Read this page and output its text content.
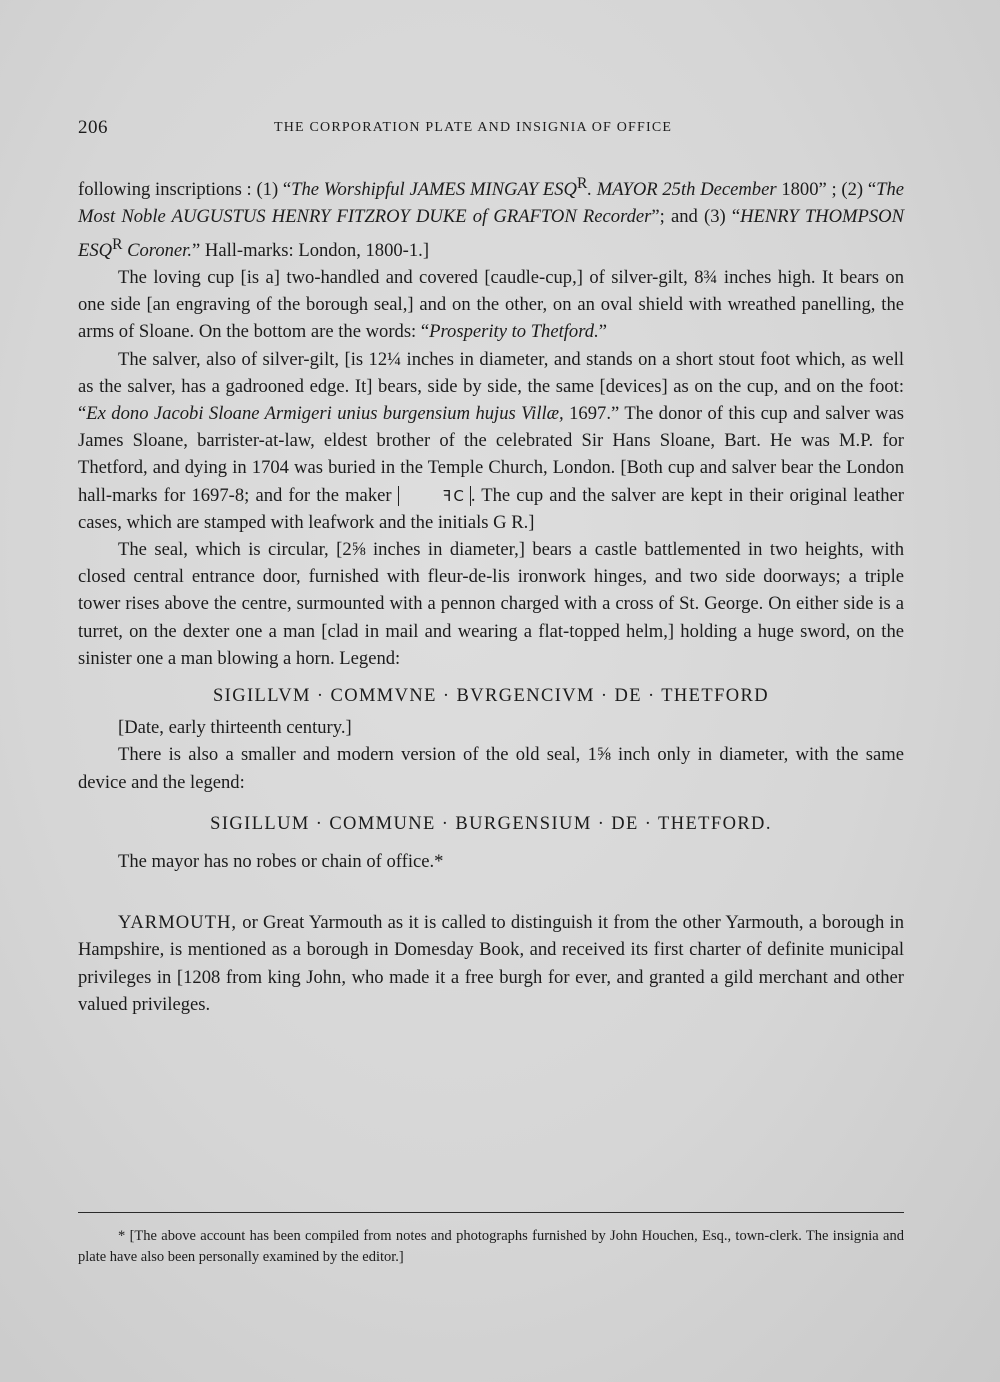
206	THE CORPORATION PLATE AND INSIGNIA OF OFFICE

following inscriptions : (1) “The Worshipful JAMES MINGAY $ESQ^R$. MAYOR 25th December 1800” ; (2) “The Most Noble AUGUSTUS HENRY FITZROY DUKE of GRAFTON Recorder”; and (3) “HENRY THOMPSON $ESQ^R$ Coroner.” Hall-marks: London, 1800-1.]

The loving cup [is a] two-handled and covered [caudle-cup,] of silver-gilt, 8¾ inches high. It bears on one side [an engraving of the borough seal,] and on the other, on an oval shield with wreathed panelling, the arms of Sloane. On the bottom are the words: “Prosperity to Thetford.”

The salver, also of silver-gilt, [is 12¼ inches in diameter, and stands on a short stout foot which, as well as the salver, has a gadrooned edge. It] bears, side by side, the same [devices] as on the cup, and on the foot: “Ex dono Jacobi Sloane Armigeri unius burgensium hujus Villæ, 1697.” The donor of this cup and salver was James Sloane, barrister-at-law, eldest brother of the celebrated Sir Hans Sloane, Bart. He was M.P. for Thetford, and dying in 1704 was buried in the Temple Church, London. [Both cup and salver bear the London hall-marks for 1697-8; and for the maker	ꟻC . The cup and the salver are kept in their original leather cases, which are stamped with leafwork and the initials G R.]

The seal, which is circular, [2⅝ inches in diameter,] bears a castle battlemented in two heights, with closed central entrance door, furnished with fleur-de-lis ironwork hinges, and two side doorways; a triple tower rises above the centre, surmounted with a pennon charged with a cross of St. George. On either side is a turret, on the dexter one a man [clad in mail and wearing a flat-topped helm,] holding a huge sword, on the sinister one a man blowing a horn. Legend:

SIGILLVM · COMMVNE · BVRGENCIVM · DE · THETFORD

[Date, early thirteenth century.]

There is also a smaller and modern version of the old seal, 1⅝ inch only in diameter, with the same device and the legend:

SIGILLUM · COMMUNE · BURGENSIUM · DE · THETFORD.

The mayor has no robes or chain of office.*

YARMOUTH, or Great Yarmouth as it is called to distinguish it from the other Yarmouth, a borough in Hampshire, is mentioned as a borough in Domesday Book, and received its first charter of definite municipal privileges in [1208 from king John, who made it a free burgh for ever, and granted a gild merchant and other valued privileges.

* [The above account has been compiled from notes and photographs furnished by John Houchen, Esq., town-clerk. The insignia and plate have also been personally examined by the editor.]
